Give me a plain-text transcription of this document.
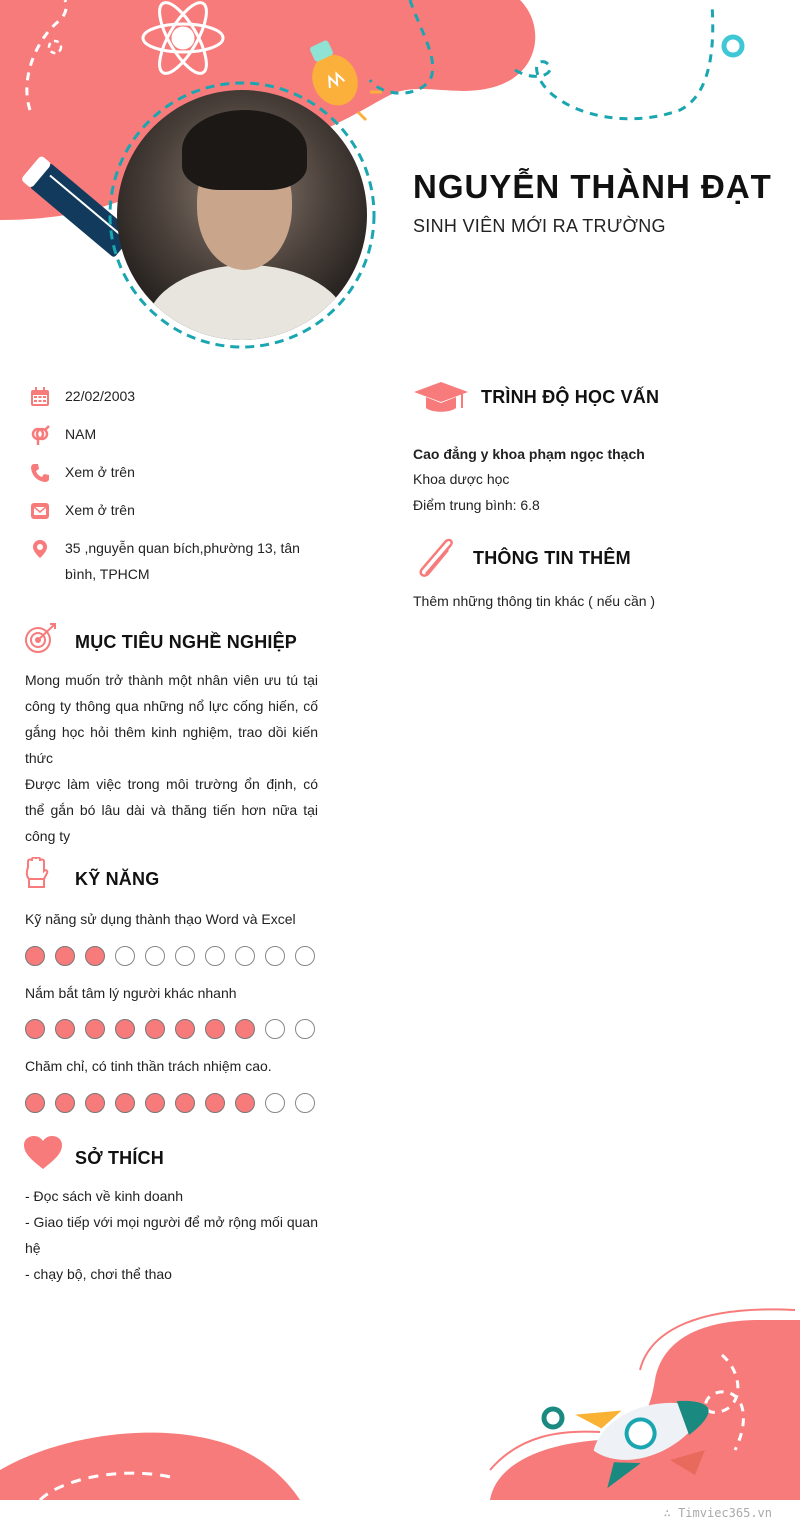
NGUYỄN THÀNH ĐẠT
SINH VIÊN MỚI RA TRƯỜNG
22/02/2003
NAM
Xem ở trên
Xem ở trên
35 ,nguyễn quan bích,phường 13, tân bình, TPHCM
MỤC TIÊU NGHỀ NGHIỆP
Mong muốn trở thành một nhân viên ưu tú tại công ty thông qua những nổ lực cống hiến, cố gắng học hỏi thêm kinh nghiệm, trao dồi kiến thức
Được làm việc trong môi trường ổn định, có thể gắn bó lâu dài và thăng tiến hơn nữa tại công ty
KỸ NĂNG
Kỹ năng sử dụng thành thạo Word và Excel
Nắm bắt tâm lý người khác nhanh
Chăm chỉ, có tinh thần trách nhiệm cao.
SỞ THÍCH
- Đọc sách về kinh doanh
- Giao tiếp với mọi người để mở rộng mối quan hệ
- chạy bộ, chơi thể thao
TRÌNH ĐỘ HỌC VẤN
Cao đẳng y khoa phạm ngọc thạch
Khoa dược học
Điểm trung bình: 6.8
THÔNG TIN THÊM
Thêm những thông tin khác ( nếu cần )
∴ Timviec365.vn
